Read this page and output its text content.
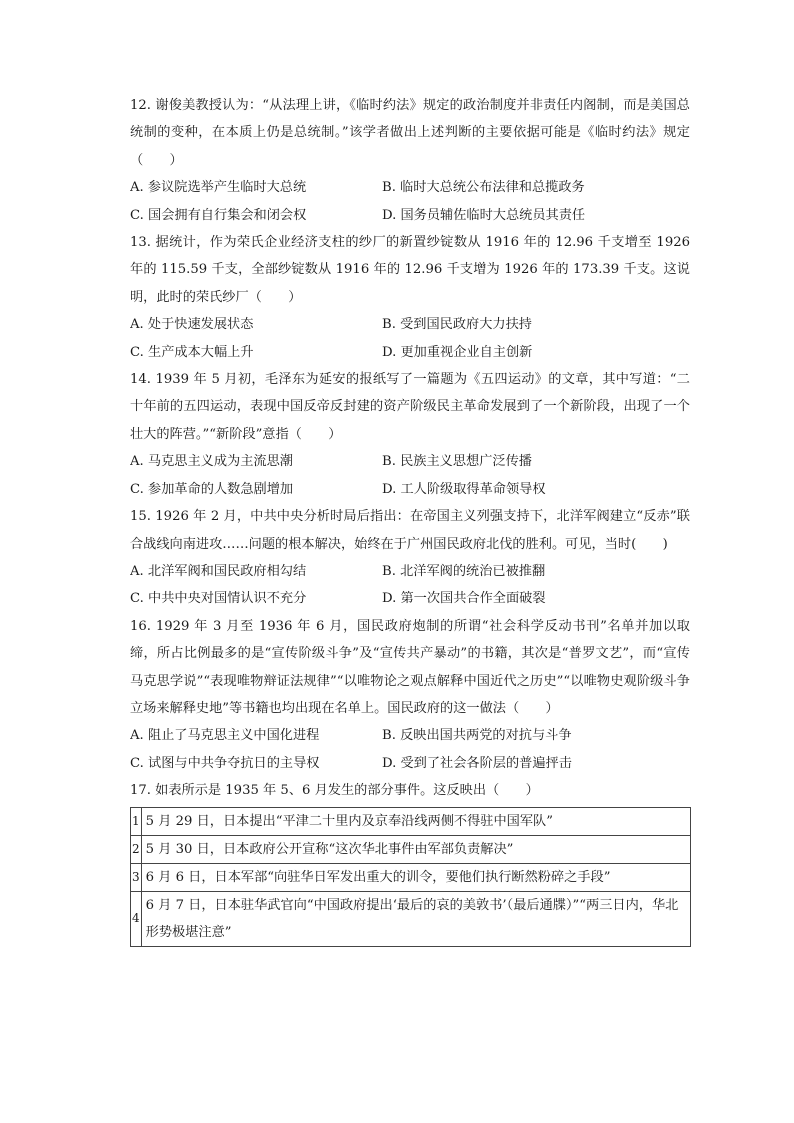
12. 谢俊美教授认为：“从法理上讲，《临时约法》规定的政治制度并非责任内阁制，而是美国总统制的变种，在本质上仍是总统制。”该学者做出上述判断的主要依据可能是《临时约法》规定（　　）

A. 参议院选举产生临时大总统	B. 临时大总统公布法律和总揽政务
C. 国会拥有自行集会和闭会权	D. 国务员辅佐临时大总统员其责任

13. 据统计，作为荣氏企业经济支柱的纱厂的新置纱锭数从 1916 年的 12.96 千支增至 1926 年的 115.59 千支，全部纱锭数从 1916 年的 12.96 千支增为 1926 年的 173.39 千支。这说明，此时的荣氏纱厂（　　）

A. 处于快速发展状态	B. 受到国民政府大力扶持
C. 生产成本大幅上升	D. 更加重视企业自主创新

14. 1939 年 5 月初，毛泽东为延安的报纸写了一篇题为《五四运动》的文章，其中写道：“二十年前的五四运动，表现中国反帝反封建的资产阶级民主革命发展到了一个新阶段，出现了一个壮大的阵营。”“新阶段”意指（　　）

A. 马克思主义成为主流思潮	B. 民族主义思想广泛传播
C. 参加革命的人数急剧增加	D. 工人阶级取得革命领导权

15. 1926 年 2 月，中共中央分析时局后指出：在帝国主义列强支持下，北洋军阀建立“反赤”联合战线向南进攻……问题的根本解决，始终在于广州国民政府北伐的胜利。可见，当时(　　)

A. 北洋军阀和国民政府相勾结	B. 北洋军阀的统治已被推翻
C. 中共中央对国情认识不充分	D. 第一次国共合作全面破裂

16. 1929 年 3 月至 1936 年 6 月，国民政府炮制的所谓“社会科学反动书刊”名单并加以取缔，所占比例最多的是“宣传阶级斗争”及“宣传共产暴动”的书籍，其次是“普罗文艺”，而“宣传马克思学说”“表现唯物辩证法规律”“以唯物论之观点解释中国近代之历史”“以唯物史观阶级斗争立场来解释史地”等书籍也均出现在名单上。国民政府的这一做法（　　）

A. 阻止了马克思主义中国化进程	B. 反映出国共两党的对抗与斗争
C. 试图与中共争夺抗日的主导权	D. 受到了社会各阶层的普遍抨击

17. 如表所示是 1935 年 5、6 月发生的部分事件。这反映出（　　）

1	5 月 29 日，日本提出“平津二十里内及京奉沿线两侧不得驻中国军队”
2	5 月 30 日，日本政府公开宣称“这次华北事件由军部负责解决”
3	6 月 6 日，日本军部“向驻华日军发出重大的训令，要他们执行断然粉碎之手段”
4	6 月 7 日，日本驻华武官向“中国政府提出‘最后的哀的美敦书’（最后通牒）”“两三日内，华北形势极堪注意”
